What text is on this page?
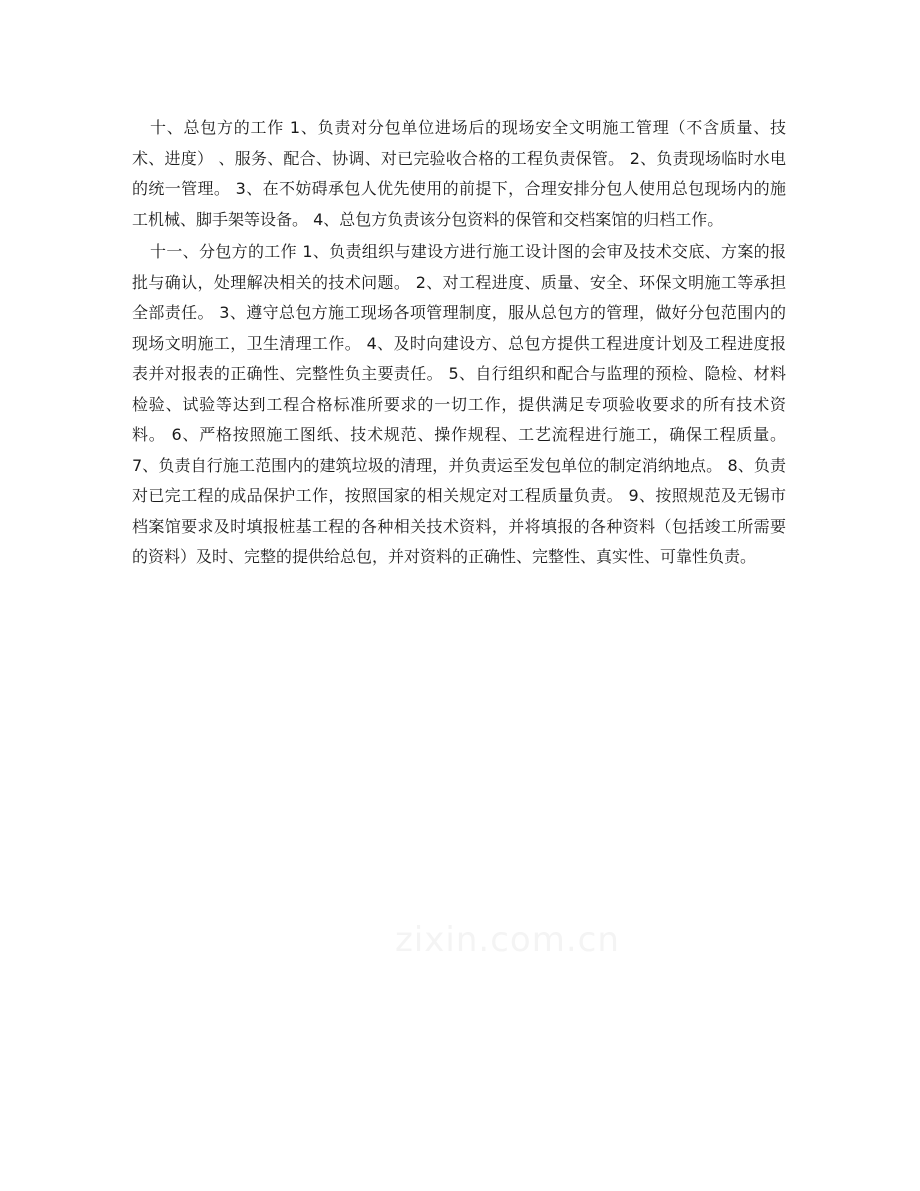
十、总包方的工作 1、负责对分包单位进场后的现场安全文明施工管理（不含质量、技术、进度） 、服务、配合、协调、对已完验收合格的工程负责保管。 2、负责现场临时水电的统一管理。 3、在不妨碍承包人优先使用的前提下，合理安排分包人使用总包现场内的施工机械、脚手架等设备。 4、总包方负责该分包资料的保管和交档案馆的归档工作。

十一、分包方的工作 1、负责组织与建设方进行施工设计图的会审及技术交底、方案的报批与确认，处理解决相关的技术问题。 2、对工程进度、质量、安全、环保文明施工等承担全部责任。 3、遵守总包方施工现场各项管理制度，服从总包方的管理，做好分包范围内的现场文明施工，卫生清理工作。 4、及时向建设方、总包方提供工程进度计划及工程进度报表并对报表的正确性、完整性负主要责任。 5、自行组织和配合与监理的预检、隐检、材料检验、试验等达到工程合格标准所要求的一切工作，提供满足专项验收要求的所有技术资料。 6、严格按照施工图纸、技术规范、操作规程、工艺流程进行施工，确保工程质量。 7、负责自行施工范围内的建筑垃圾的清理，并负责运至发包单位的制定消纳地点。 8、负责对已完工程的成品保护工作，按照国家的相关规定对工程质量负责。 9、按照规范及无锡市档案馆要求及时填报桩基工程的各种相关技术资料，并将填报的各种资料（包括竣工所需要的资料）及时、完整的提供给总包，并对资料的正确性、完整性、真实性、可靠性负责。

zixin.com.cn
